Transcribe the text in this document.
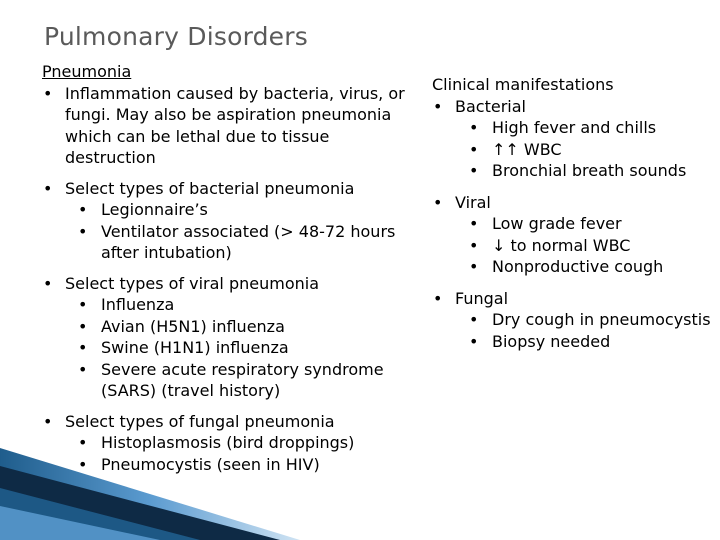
Pulmonary Disorders
Pneumonia
• Inflammation caused by bacteria, virus, or fungi. May also be aspiration pneumonia which can be lethal due to tissue destruction
• Select types of bacterial pneumonia
• Legionnaire’s
• Ventilator associated (> 48-72 hours after intubation)
• Select types of viral pneumonia
• Influenza
• Avian (H5N1) influenza
• Swine (H1N1) influenza
• Severe acute respiratory syndrome (SARS) (travel history)
• Select types of fungal pneumonia
• Histoplasmosis (bird droppings)
• Pneumocystis (seen in HIV)
Clinical manifestations
• Bacterial
• High fever and chills
• ↑↑ WBC
• Bronchial breath sounds
• Viral
• Low grade fever
• ↓ to normal WBC
• Nonproductive cough
• Fungal
• Dry cough in pneumocystis
• Biopsy needed
